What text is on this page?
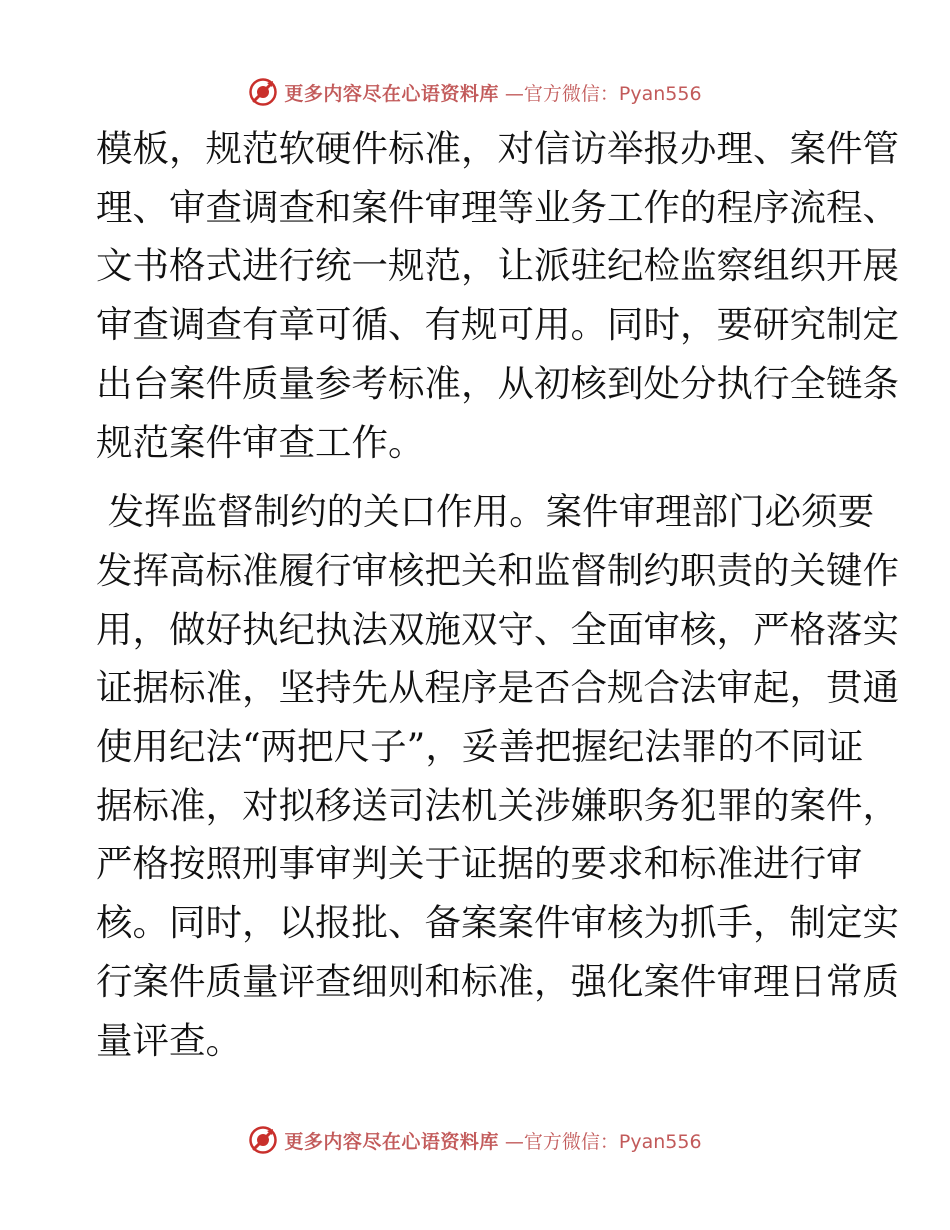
更多内容尽在心语资料库 —官方微信：Pyan556

模板，规范软硬件标准，对信访举报办理、案件管

理、审查调查和案件审理等业务工作的程序流程、

文书格式进行统一规范，让派驻纪检监察组织开展

审查调查有章可循、有规可用。同时，要研究制定

出台案件质量参考标准，从初核到处分执行全链条

规范案件审查工作。

发挥监督制约的关口作用。案件审理部门必须要

发挥高标准履行审核把关和监督制约职责的关键作

用，做好执纪执法双施双守、全面审核，严格落实

证据标准，坚持先从程序是否合规合法审起，贯通

使用纪法“两把尺子”，妥善把握纪法罪的不同证

据标准，对拟移送司法机关涉嫌职务犯罪的案件，

严格按照刑事审判关于证据的要求和标准进行审

核。同时，以报批、备案案件审核为抓手，制定实

行案件质量评查细则和标准，强化案件审理日常质

量评查。

更多内容尽在心语资料库 —官方微信：Pyan556
